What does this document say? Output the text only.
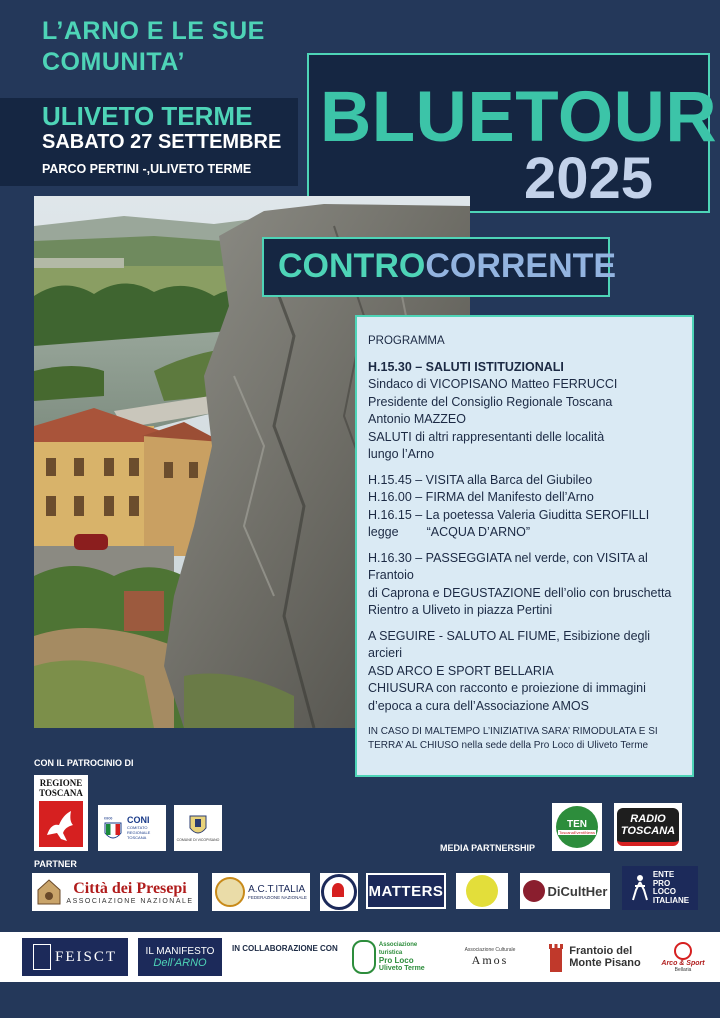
L’ARNO E LE SUE
COMUNITA’
ULIVETO TERME
SABATO 27 SETTEMBRE
PARCO PERTINI -,ULIVETO TERME
BLUETOUR
2025
CONTROCORRENTE

PROGRAMMA

H.15.30 – SALUTI ISTITUZIONALI

Sindaco di VICOPISANO Matteo FERRUCCI

Presidente del Consiglio Regionale Toscana

Antonio MAZZEO

SALUTI di altri rappresentanti delle località

lungo l’Arno

H.15.45 – VISITA alla Barca del Giubileo

H.16.00 – FIRMA del Manifesto dell’Arno

H.16.15 – La poetessa Valeria Giuditta SEROFILLI

legge “ACQUA D’ARNO”

H.16.30 – PASSEGGIATA nel verde, con VISITA al

Frantoio

di Caprona e DEGUSTAZIONE dell’olio con bruschetta

Rientro a Uliveto in piazza Pertini

A SEGUIRE - SALUTO AL FIUME, Esibizione degli

arcieri

ASD ARCO E SPORT BELLARIA

CHIUSURA con racconto e proiezione di immagini

d’epoca a cura dell’Associazione AMOS

IN CASO DI MALTEMPO L’INIZIATIVA SARA’ RIMODULATA E SI
TERRA’ AL CHIUSO nella sede della Pro Loco di Uliveto Terme

CON IL PATROCINIO DI
REGIONE
TOSCANA
∞∞ CONI
COMITATO REGIONALE TOSCANA	COMUNE DI VICOPISANO
MEDIA PARTNERSHIP
TEN
ToscanaEventiNews
RADIO
TOSCANA
PARTNER
Città dei Presepi
ASSOCIAZIONE NAZIONALE
A.C.T.ITALIA
FEDERAZIONE NAZIONALE	MATTERS	DiCultHer
ENTE
PRO
LOCO
ITALIANE
FEISCT	IL MANIFESTO
Dell’ARNO
IN COLLABORAZIONE CON	Associazione turistica
Pro Loco
Uliveto Terme
Associazione Culturale
Amos
Frantoio del
Monte Pisano	Arco & Sport
Bellaria
